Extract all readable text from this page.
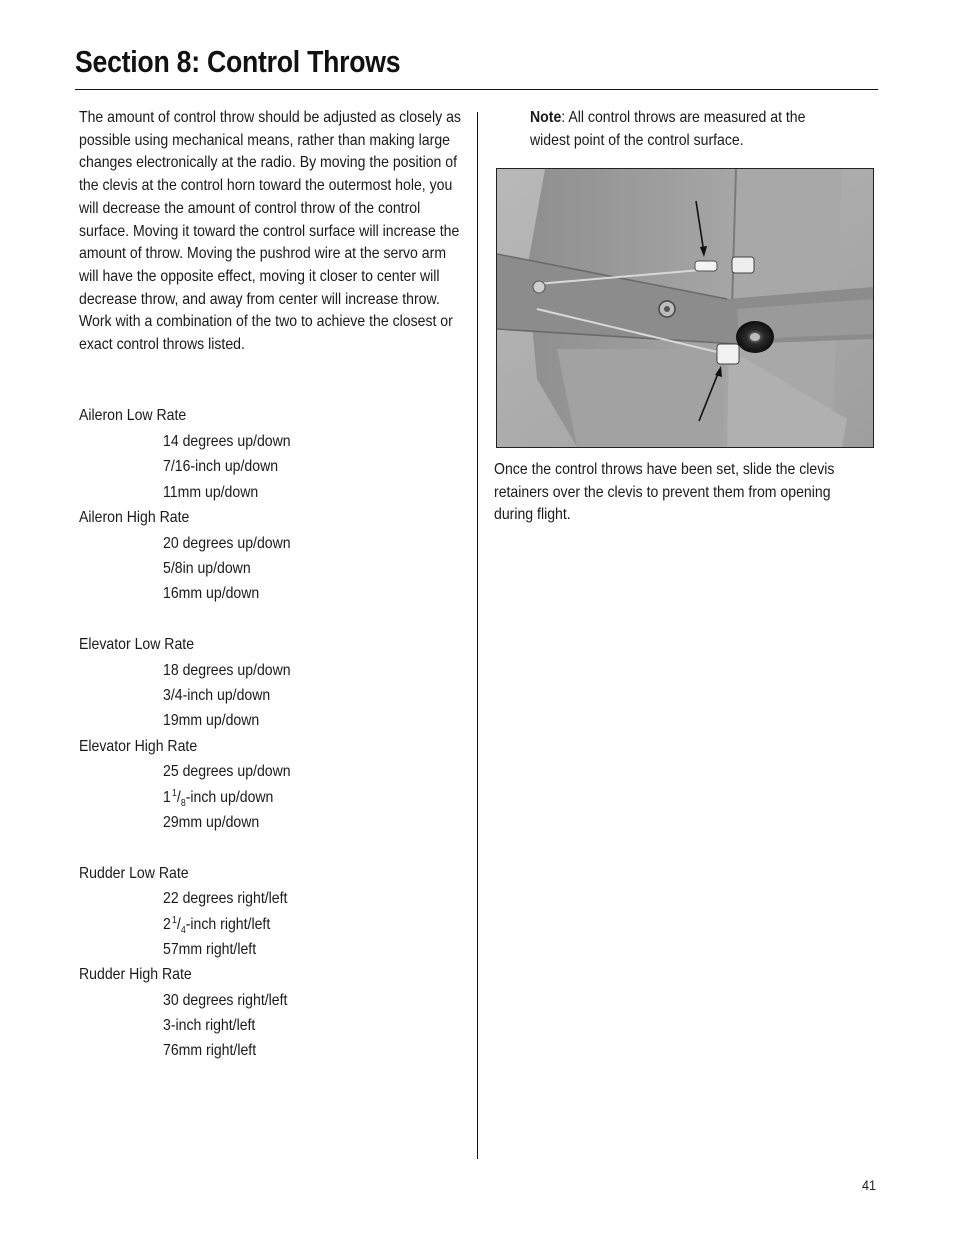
Section 8: Control Throws

The amount of control throw should be adjusted as closely as possible using mechanical means, rather than making large changes electronically at the radio. By moving the position of the clevis at the control horn toward the outermost hole, you will decrease the amount of control throw of the control surface. Moving it toward the control surface will increase the amount of throw. Moving the pushrod wire at the servo arm will have the opposite effect, moving it closer to center will decrease throw, and away from center will increase throw. Work with a combination of the two to achieve the closest or exact control throws listed.

Aileron Low Rate
14 degrees up/down
7/16-inch up/down
11mm up/down
Aileron High Rate
20 degrees up/down
5/8in up/down
16mm up/down
Elevator Low Rate
18 degrees up/down
3/4-inch up/down
19mm up/down
Elevator High Rate
25 degrees up/down
1 $^1/_8$-inch up/down
29mm up/down
Rudder Low Rate
22 degrees right/left
2 $^1/_4$-inch right/left
57mm right/left
Rudder High Rate
30 degrees right/left
3-inch right/left
76mm right/left

Note: All control throws are measured at the widest point of the control surface.

Once the control throws have been set, slide the clevis retainers over the clevis to prevent them from opening during flight.

41
